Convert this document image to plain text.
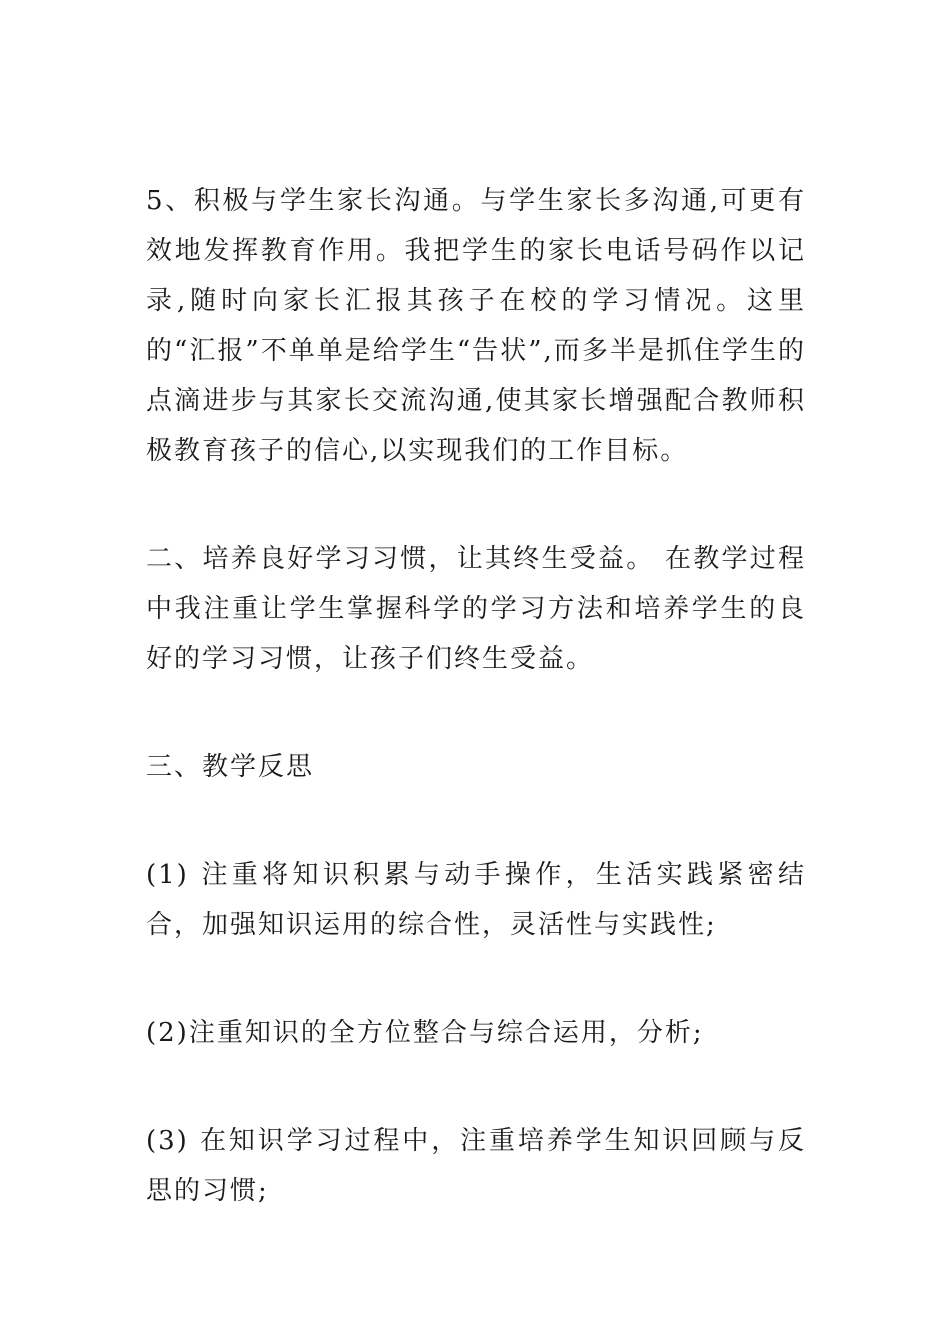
5、积极与学生家长沟通。与学生家长多沟通,可更有效地发挥教育作用。我把学生的家长电话号码作以记录,随时向家长汇报其孩子在校的学习情况。这里的“汇报”不单单是给学生“告状”,而多半是抓住学生的点滴进步与其家长交流沟通,使其家长增强配合教师积极教育孩子的信心,以实现我们的工作目标。

二、培养良好学习习惯，让其终生受益。 在教学过程中我注重让学生掌握科学的学习方法和培养学生的良好的学习习惯，让孩子们终生受益。

三、教学反思

(1) 注重将知识积累与动手操作，生活实践紧密结合，加强知识运用的综合性，灵活性与实践性;

(2)注重知识的全方位整合与综合运用，分析;

(3) 在知识学习过程中，注重培养学生知识回顾与反思的习惯;
